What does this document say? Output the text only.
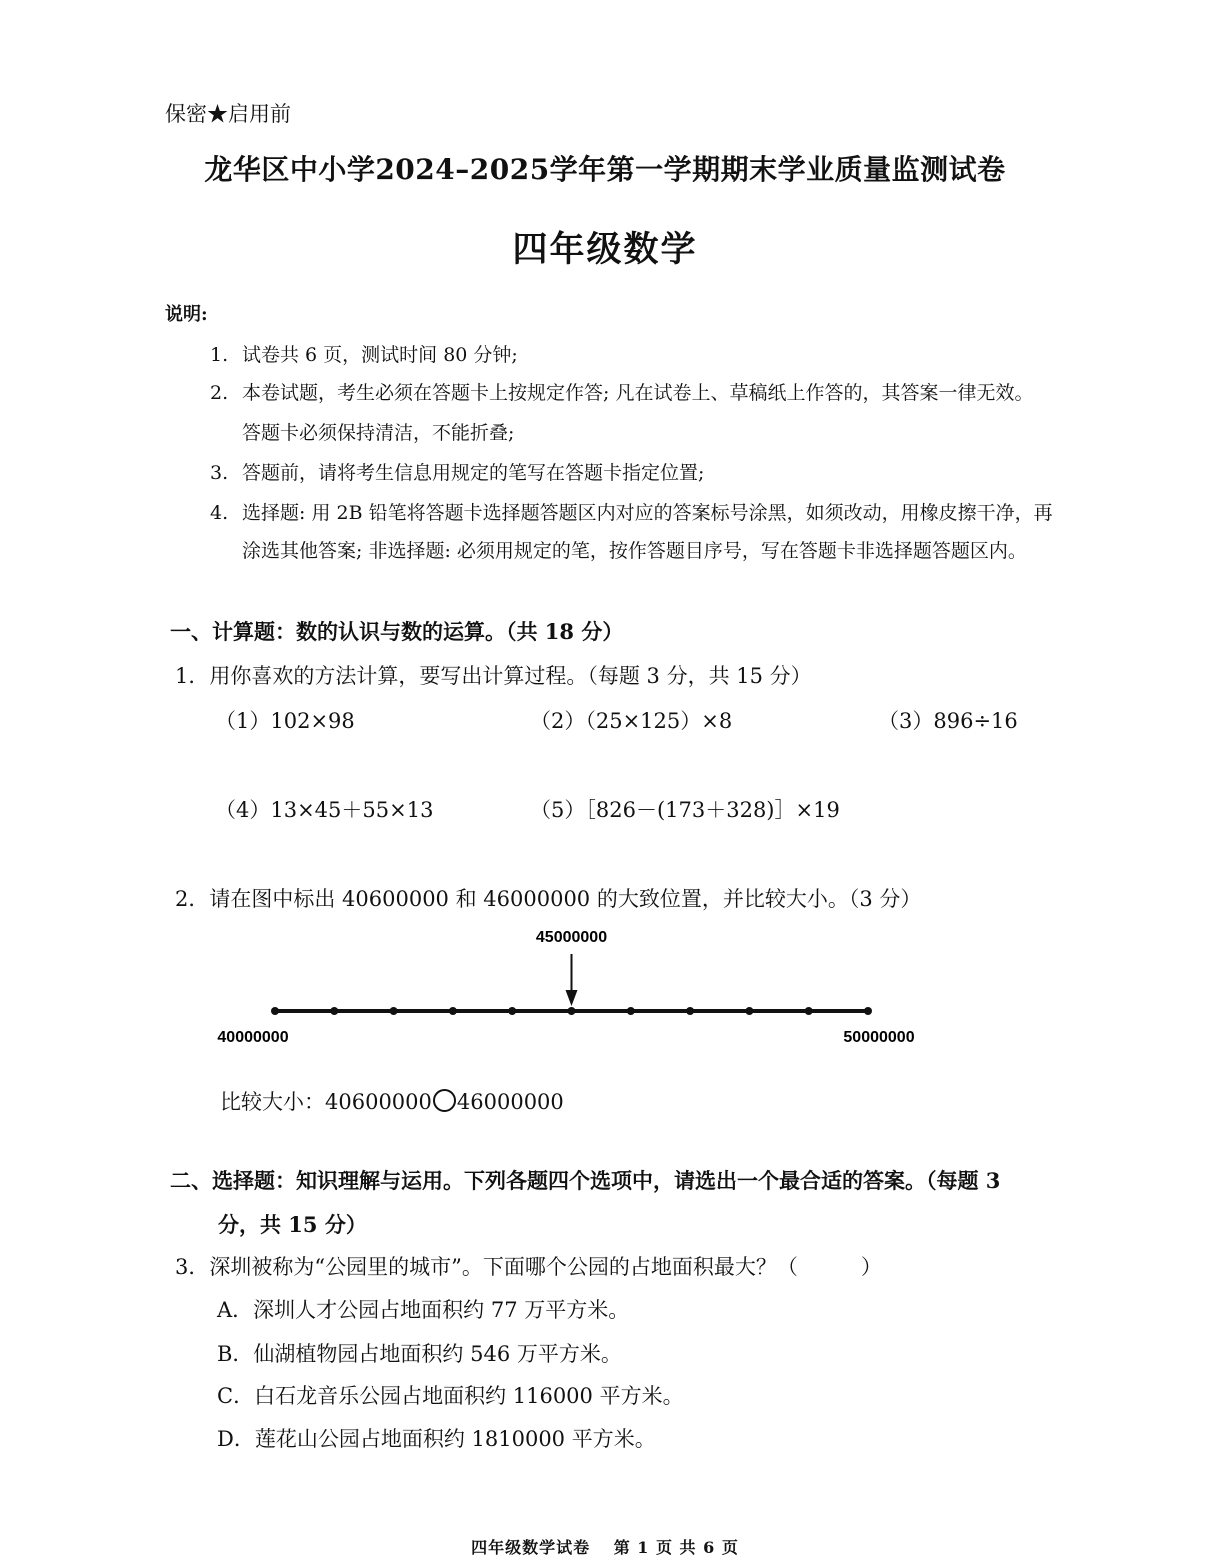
保密★启用前
龙华区中小学2024–2025学年第一学期期末学业质量监测试卷
四年级数学
说明:
1. 试卷共 6 页，测试时间 80 分钟;
2. 本卷试题，考生必须在答题卡上按规定作答; 凡在试卷上、草稿纸上作答的，其答案一律无效。
答题卡必须保持清洁，不能折叠;
3. 答题前，请将考生信息用规定的笔写在答题卡指定位置;
4. 选择题: 用 2B 铅笔将答题卡选择题答题区内对应的答案标号涂黑，如须改动，用橡皮擦干净，再
涂选其他答案; 非选择题: 必须用规定的笔，按作答题目序号，写在答题卡非选择题答题区内。
一、计算题：数的认识与数的运算。（共 18 分）
1．用你喜欢的方法计算，要写出计算过程。（每题 3 分，共 15 分）
（1）102×98	（2）（25×125）×8	（3）896÷16
（4）13×45＋55×13	（5）［826－(173＋328)］×19
2．请在图中标出 40600000 和 46000000 的大致位置，并比较大小。（3 分）
45000000
40000000	50000000
比较大小：40600000 46000000
二、选择题：知识理解与运用。下列各题四个选项中，请选出一个最合适的答案。（每题 3
分，共 15 分）
3．深圳被称为“公园里的城市”。下面哪个公园的占地面积最大？（　　　）
A．深圳人才公园占地面积约 77 万平方米。
B．仙湖植物园占地面积约 546 万平方米。
C．白石龙音乐公园占地面积约 116000 平方米。
D．莲花山公园占地面积约 1810000 平方米。
四年级数学试卷　 第 1 页 共 6 页
